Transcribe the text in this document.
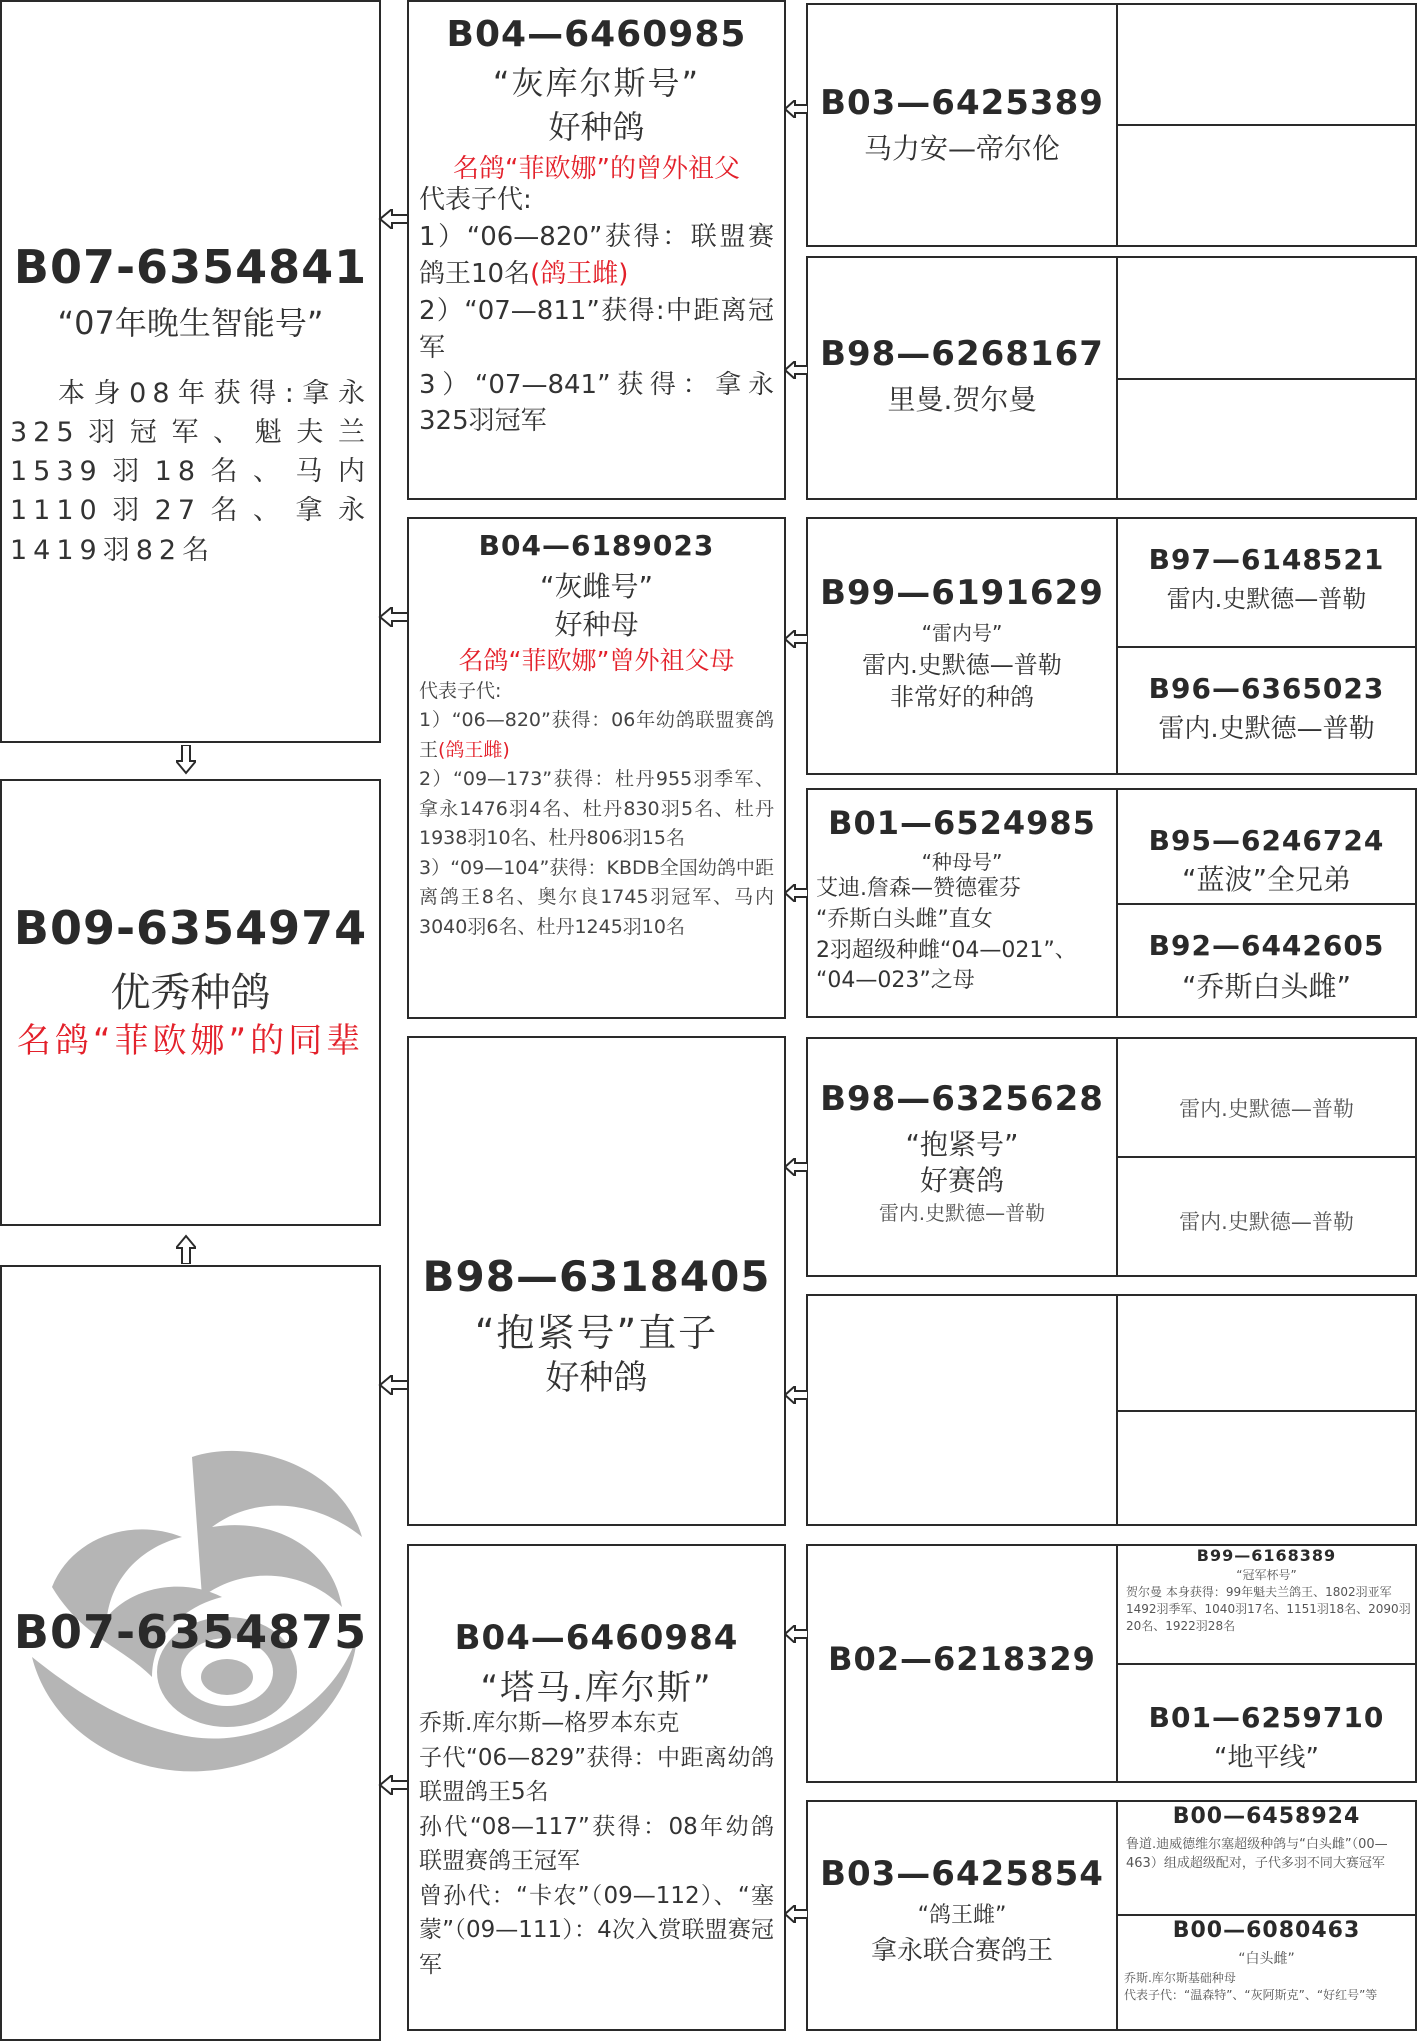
B07-6354841
“07年晚生智能号”
本身08年获得:拿永325羽冠军、魁夫兰1539羽18名、马内1110羽27名、拿永1419羽82名
B09-6354974
优秀种鸽
名鸽“菲欧娜”的同辈
B07-6354875
B04—6460985
“灰库尔斯号”
好种鸽
名鸽“菲欧娜”的曾外祖父
代表子代:
1）“06—820”获得：联盟赛鸽王10名(鸽王雌)
2）“07—811”获得:中距离冠军
3）“07—841”获得：拿永325羽冠军
B04—6189023
“灰雌号”
好种母
名鸽“菲欧娜”曾外祖父母
代表子代:
1）“06—820”获得：06年幼鸽联盟赛鸽王(鸽王雌)
2）“09—173”获得：杜丹955羽季军、拿永1476羽4名、杜丹830羽5名、杜丹1938羽10名、杜丹806羽15名
3）“09—104”获得：KBDB全国幼鸽中距离鸽王8名、奥尔良1745羽冠军、马内3040羽6名、杜丹1245羽10名
B98—6318405
“抱紧号”直子
好种鸽
B04—6460984
“塔马.库尔斯”
乔斯.库尔斯—格罗本东克
子代“06—829”获得：中距离幼鸽联盟鸽王5名
孙代“08—117”获得：08年幼鸽联盟赛鸽王冠军
曾孙代：“卡农”（09—112）、“塞蒙”（09—111）：4次入赏联盟赛冠军
B03—6425389
马力安—帝尔伦
B98—6268167
里曼.贺尔曼
B99—6191629
“雷内号”
雷内.史默德—普勒
非常好的种鸽
B01—6524985
“种母号”
艾迪.詹森—赞德霍芬
“乔斯白头雌”直女
2羽超级种雌“04—021”、
“04—023”之母
B98—6325628
“抱紧号”
好赛鸽
雷内.史默德—普勒
B02—6218329
B03—6425854
“鸽王雌”
拿永联合赛鸽王
B97—6148521
雷内.史默德—普勒
B96—6365023
雷内.史默德—普勒
B95—6246724
“蓝波”全兄弟
B92—6442605
“乔斯白头雌”
雷内.史默德—普勒
雷内.史默德—普勒
B99—6168389
“冠军杯号”
贺尔曼 本身获得：99年魁夫兰鸽王、1802羽亚军1492羽季军、1040羽17名、1151羽18名、2090羽20名、1922羽28名
B01—6259710
“地平线”
B00—6458924
鲁道.迪威德维尔塞超级种鸽与“白头雌”（00—463）组成超级配对，子代多羽不同大赛冠军
B00—6080463
“白头雌”
乔斯.库尔斯基础种母
代表子代：“温森特”、“灰阿斯克”、“好红号”等
